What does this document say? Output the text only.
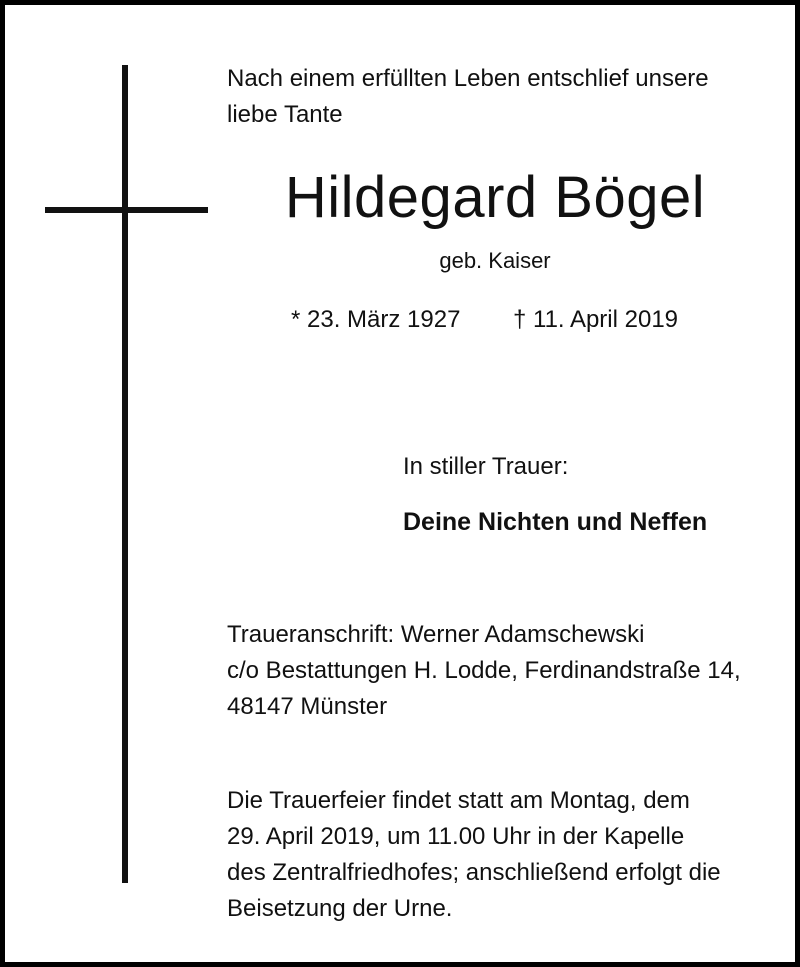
Nach einem erfüllten Leben entschlief unsere
liebe Tante
Hildegard Bögel
geb. Kaiser
* 23. März 1927 † 11. April 2019
In stiller Trauer:
Deine Nichten und Neffen
Traueranschrift: Werner Adamschewski
c/o Bestattungen H. Lodde, Ferdinandstraße 14,
48147 Münster
Die Trauerfeier findet statt am Montag, dem
29. April 2019, um 11.00 Uhr in der Kapelle
des Zentralfriedhofes; anschließend erfolgt die
Beisetzung der Urne.
